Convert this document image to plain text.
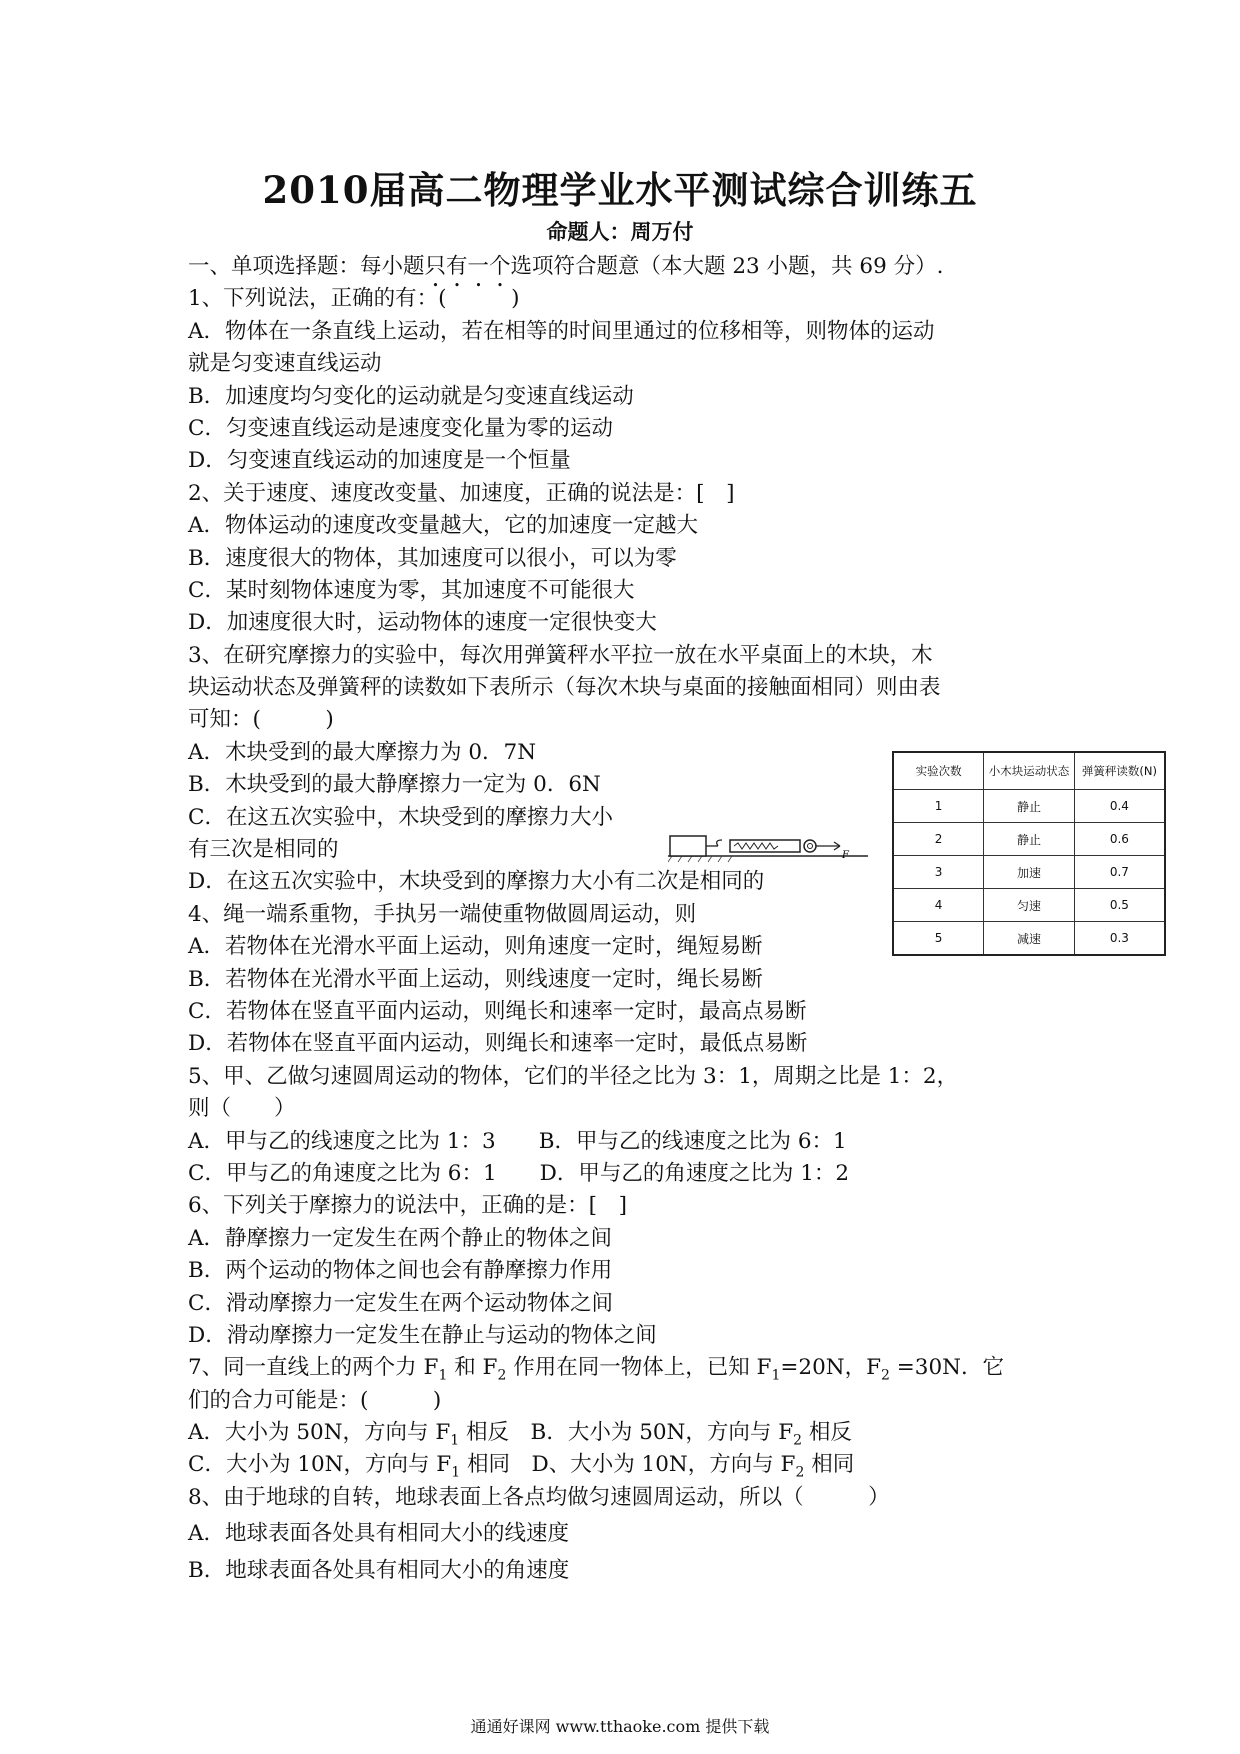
2010届高二物理学业水平测试综合训练五
命题人：周万付
一、单项选择题：每小题只有一个选项符合题意（本大题 23 小题，共 69 分）.
1、下列说法，正确的有：(　　　)
A．物体在一条直线上运动，若在相等的时间里通过的位移相等，则物体的运动
就是匀变速直线运动
B．加速度均匀变化的运动就是匀变速直线运动
C．匀变速直线运动是速度变化量为零的运动
D．匀变速直线运动的加速度是一个恒量
2、关于速度、速度改变量、加速度，正确的说法是：[　]
A．物体运动的速度改变量越大，它的加速度一定越大
B．速度很大的物体，其加速度可以很小，可以为零
C．某时刻物体速度为零，其加速度不可能很大
D．加速度很大时，运动物体的速度一定很快变大
3、在研究摩擦力的实验中，每次用弹簧秤水平拉一放在水平桌面上的木块，木
块运动状态及弹簧秤的读数如下表所示（每次木块与桌面的接触面相同）则由表
可知：(　　　)
A．木块受到的最大摩擦力为 0．7N
B．木块受到的最大静摩擦力一定为 0．6N
C．在这五次实验中，木块受到的摩擦力大小
有三次是相同的
D．在这五次实验中，木块受到的摩擦力大小有二次是相同的
4、绳一端系重物，手执另一端使重物做圆周运动，则
A．若物体在光滑水平面上运动，则角速度一定时，绳短易断
B．若物体在光滑水平面上运动，则线速度一定时，绳长易断
C．若物体在竖直平面内运动，则绳长和速率一定时，最高点易断
D．若物体在竖直平面内运动，则绳长和速率一定时，最低点易断
5、甲、乙做匀速圆周运动的物体，它们的半径之比为 3：1，周期之比是 1：2，
则（　　）
A．甲与乙的线速度之比为 1：3　　B．甲与乙的线速度之比为 6：1
C．甲与乙的角速度之比为 6：1　　D．甲与乙的角速度之比为 1：2
6、下列关于摩擦力的说法中，正确的是：[　]
A．静摩擦力一定发生在两个静止的物体之间
B．两个运动的物体之间也会有静摩擦力作用
C．滑动摩擦力一定发生在两个运动物体之间
D．滑动摩擦力一定发生在静止与运动的物体之间
7、同一直线上的两个力 $F_1$ 和 $F_2$ 作用在同一物体上，已知 $F_1=20N$，$F_2 =30N$．它
们的合力可能是：(　　　)
A．大小为 50N，方向与 $F_1$ 相反　B．大小为 50N，方向与 $F_2$ 相反
C．大小为 10N，方向与 $F_1$ 相同　D、大小为 10N，方向与 $F_2$ 相同
8、由于地球的自转，地球表面上各点均做匀速圆周运动，所以（　　　）
A．地球表面各处具有相同大小的线速度
B．地球表面各处具有相同大小的角速度
F
实验次数	小木块运动状态	弹簧秤读数(N)
1	静止	0.4
2	静止	0.6
3	加速	0.7
4	匀速	0.5
5	减速	0.3
通通好课网 www.tthaoke.com 提供下载
